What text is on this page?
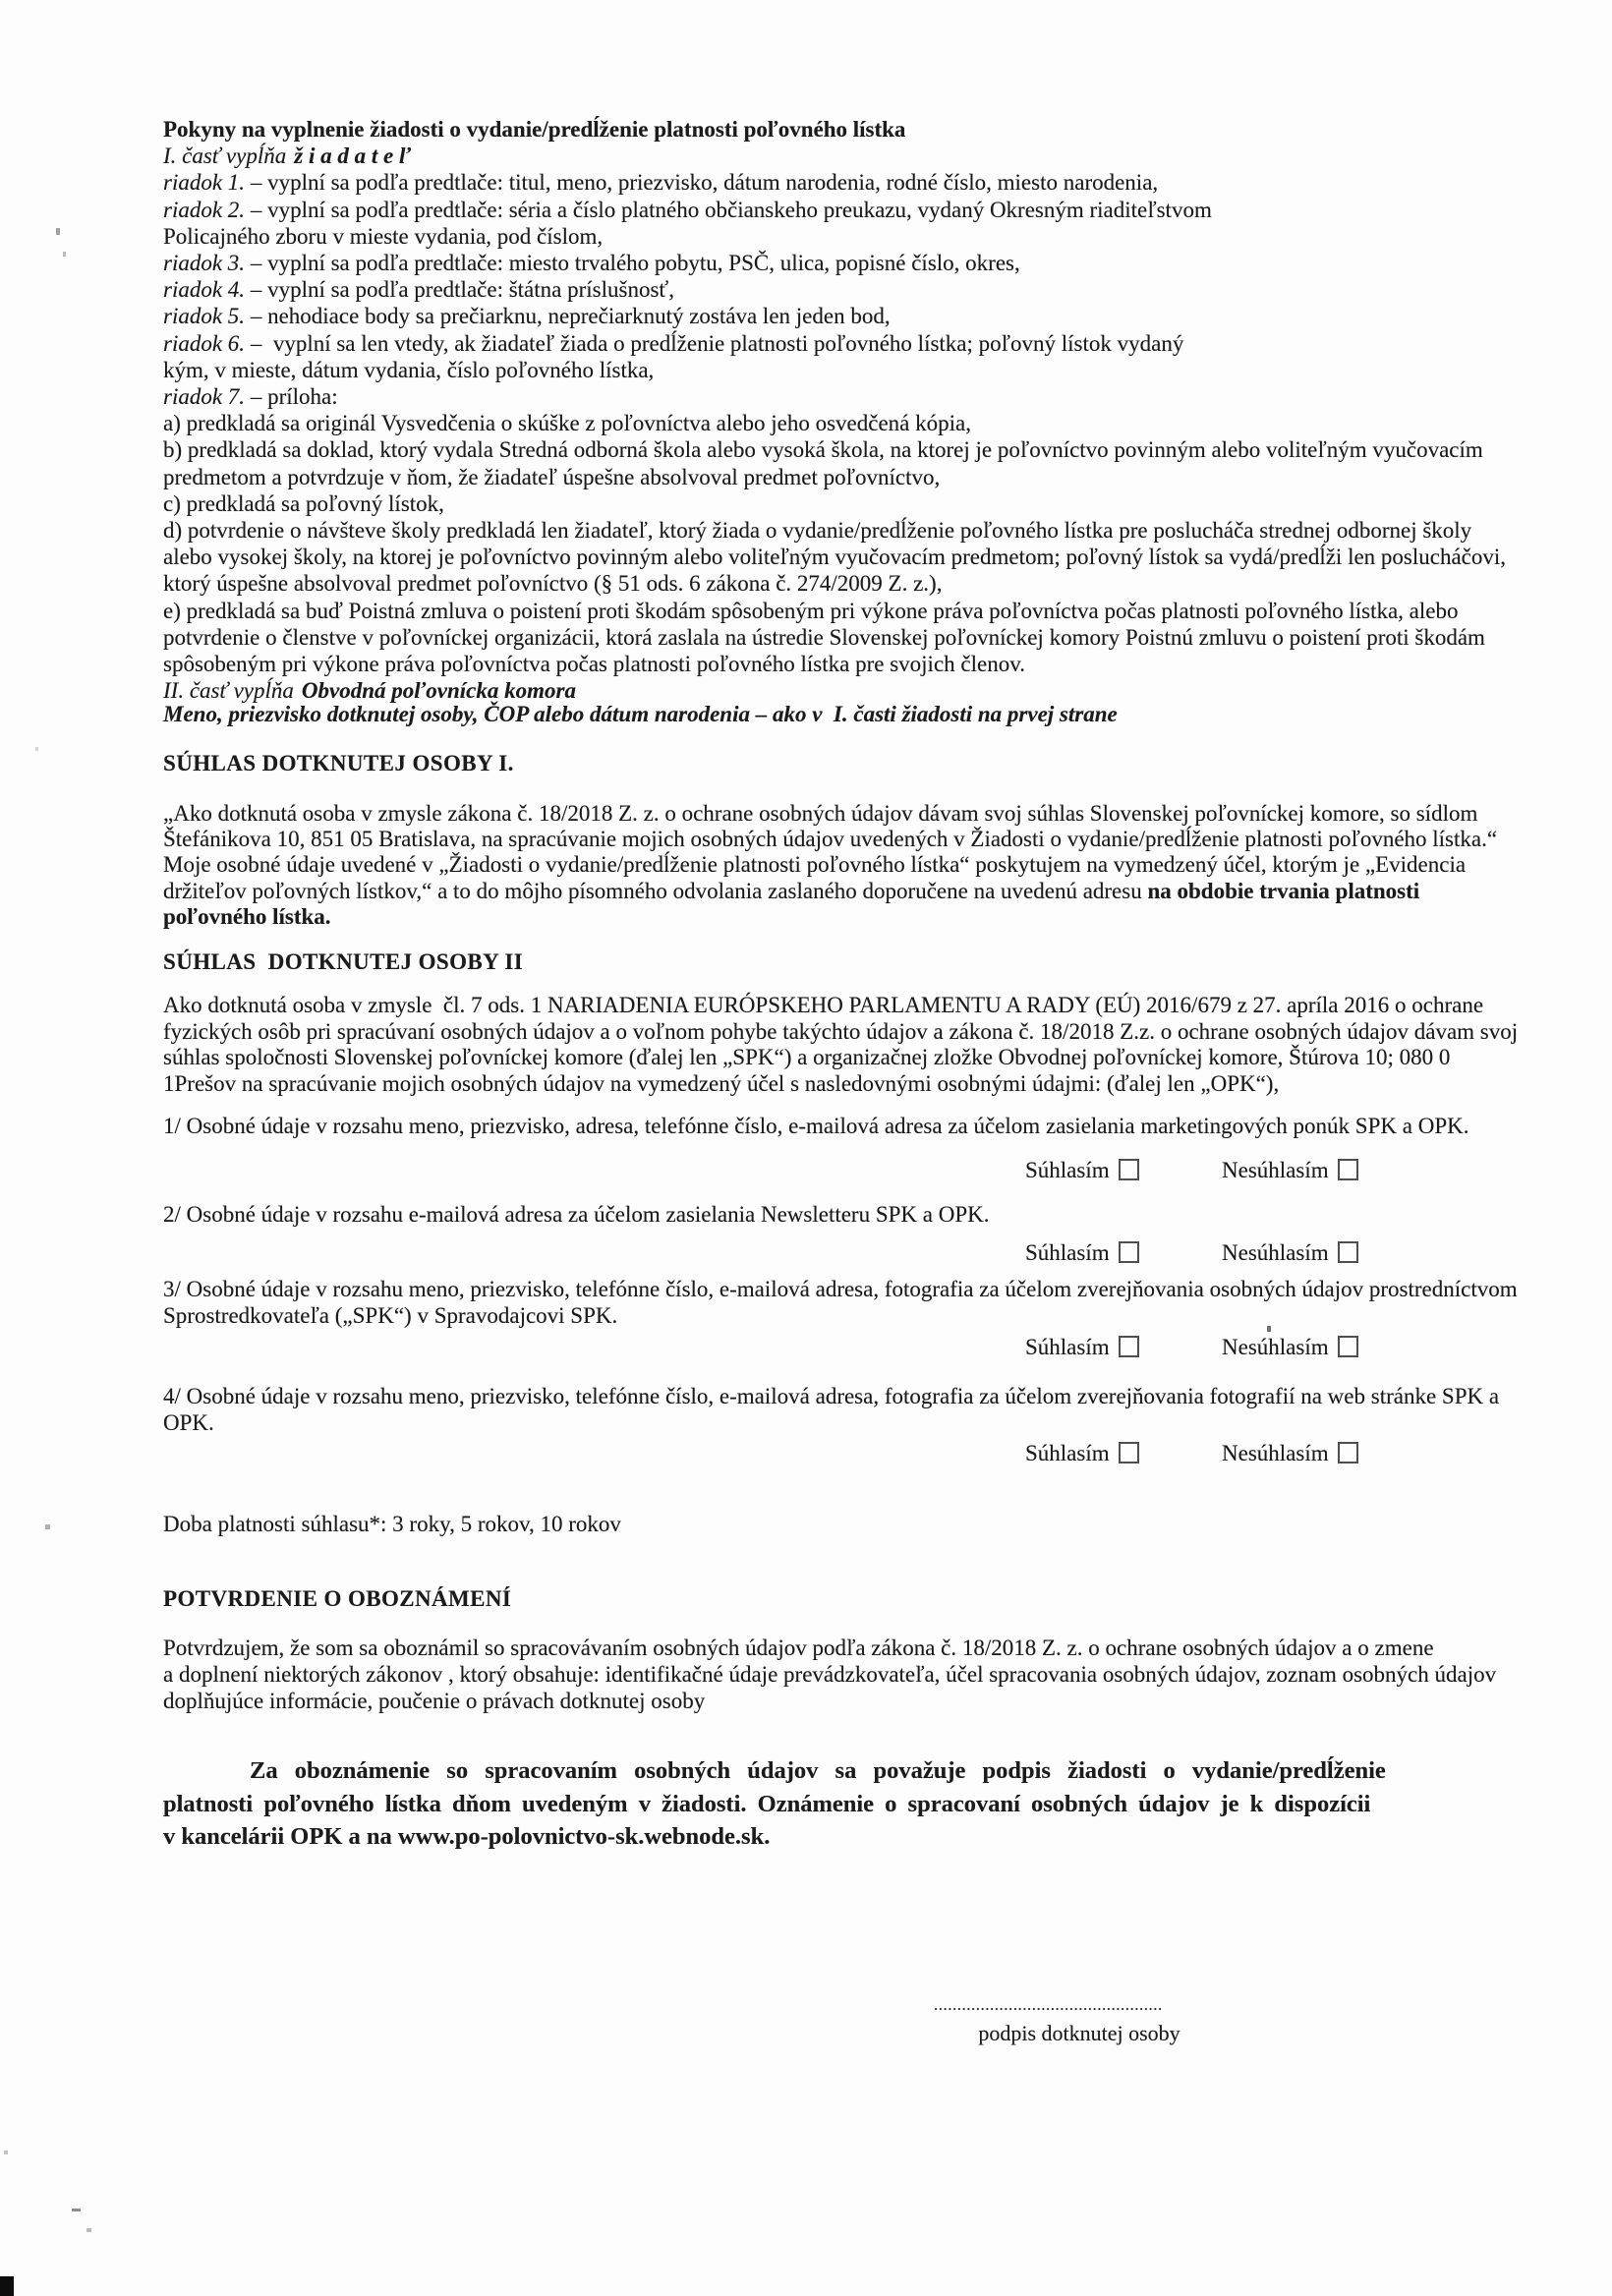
Pokyny na vyplnenie žiadosti o vydanie/predĺženie platnosti poľovného lístka
I. časť vypĺňa ž i a d a t e ľ
riadok 1. – vyplní sa podľa predtlače: titul, meno, priezvisko, dátum narodenia, rodné číslo, miesto narodenia,
riadok 2. – vyplní sa podľa predtlače: séria a číslo platného občianskeho preukazu, vydaný Okresným riaditeľstvom
Policajného zboru v mieste vydania, pod číslom,
riadok 3. – vyplní sa podľa predtlače: miesto trvalého pobytu, PSČ, ulica, popisné číslo, okres,
riadok 4. – vyplní sa podľa predtlače: štátna príslušnosť,
riadok 5. – nehodiace body sa prečiarknu, neprečiarknutý zostáva len jeden bod,
riadok 6. –  vyplní sa len vtedy, ak žiadateľ žiada o predĺženie platnosti poľovného lístka; poľovný lístok vydaný
kým, v mieste, dátum vydania, číslo poľovného lístka,
riadok 7. – príloha:
a) predkladá sa originál Vysvedčenia o skúške z poľovníctva alebo jeho osvedčená kópia,
b) predkladá sa doklad, ktorý vydala Stredná odborná škola alebo vysoká škola, na ktorej je poľovníctvo povinným alebo voliteľným vyučovacím
predmetom a potvrdzuje v ňom, že žiadateľ úspešne absolvoval predmet poľovníctvo,
c) predkladá sa poľovný lístok,
d) potvrdenie o návšteve školy predkladá len žiadateľ, ktorý žiada o vydanie/predĺženie poľovného lístka pre poslucháča strednej odbornej školy
alebo vysokej školy, na ktorej je poľovníctvo povinným alebo voliteľným vyučovacím predmetom; poľovný lístok sa vydá/predĺži len poslucháčovi,
ktorý úspešne absolvoval predmet poľovníctvo (§ 51 ods. 6 zákona č. 274/2009 Z. z.),
e) predkladá sa buď Poistná zmluva o poistení proti škodám spôsobeným pri výkone práva poľovníctva počas platnosti poľovného lístka, alebo
potvrdenie o členstve v poľovníckej organizácii, ktorá zaslala na ústredie Slovenskej poľovníckej komory Poistnú zmluvu o poistení proti škodám
spôsobeným pri výkone práva poľovníctva počas platnosti poľovného lístka pre svojich členov.
II. časť vypĺňa Obvodná poľovnícka komora
Meno, priezvisko dotknutej osoby, ČOP alebo dátum narodenia – ako v  I. časti žiadosti na prvej strane
SÚHLAS DOTKNUTEJ OSOBY I.
„Ako dotknutá osoba v zmysle zákona č. 18/2018 Z. z. o ochrane osobných údajov dávam svoj súhlas Slovenskej poľovníckej komore, so sídlom
Štefánikova 10, 851 05 Bratislava, na spracúvanie mojich osobných údajov uvedených v Žiadosti o vydanie/predĺženie platnosti poľovného lístka.“
Moje osobné údaje uvedené v „Žiadosti o vydanie/predĺženie platnosti poľovného lístka“ poskytujem na vymedzený účel, ktorým je „Evidencia
držiteľov poľovných lístkov,“ a to do môjho písomného odvolania zaslaného doporučene na uvedenú adresu na obdobie trvania platnosti
poľovného lístka.
SÚHLAS  DOTKNUTEJ OSOBY II
Ako dotknutá osoba v zmysle  čl. 7 ods. 1 NARIADENIA EURÓPSKEHO PARLAMENTU A RADY (EÚ) 2016/679 z 27. apríla 2016 o ochrane
fyzických osôb pri spracúvaní osobných údajov a o voľnom pohybe takýchto údajov a zákona č. 18/2018 Z.z. o ochrane osobných údajov dávam svoj
súhlas spoločnosti Slovenskej poľovníckej komore (ďalej len „SPK“) a organizačnej zložke Obvodnej poľovníckej komore, Štúrova 10; 080 0
1Prešov na spracúvanie mojich osobných údajov na vymedzený účel s nasledovnými osobnými údajmi: (ďalej len „OPK“),
1/ Osobné údaje v rozsahu meno, priezvisko, adresa, telefónne číslo, e-mailová adresa za účelom zasielania marketingových ponúk SPK a OPK.
Súhlasím	Nesúhlasím
2/ Osobné údaje v rozsahu e-mailová adresa za účelom zasielania Newsletteru SPK a OPK.
Súhlasím	Nesúhlasím
3/ Osobné údaje v rozsahu meno, priezvisko, telefónne číslo, e-mailová adresa, fotografia za účelom zverejňovania osobných údajov prostredníctvom
Sprostredkovateľa („SPK“) v Spravodajcovi SPK.
Súhlasím	Nesúhlasím
4/ Osobné údaje v rozsahu meno, priezvisko, telefónne číslo, e-mailová adresa, fotografia za účelom zverejňovania fotografií na web stránke SPK a
OPK.
Súhlasím	Nesúhlasím
Doba platnosti súhlasu*: 3 roky, 5 rokov, 10 rokov
POTVRDENIE O OBOZNÁMENÍ
Potvrdzujem, že som sa oboznámil so spracovávaním osobných údajov podľa zákona č. 18/2018 Z. z. o ochrane osobných údajov a o zmene
a doplnení niektorých zákonov , ktorý obsahuje: identifikačné údaje prevádzkovateľa, účel spracovania osobných údajov, zoznam osobných údajov
doplňujúce informácie, poučenie o právach dotknutej osoby
Za oboznámenie so spracovaním osobných údajov sa považuje podpis žiadosti o vydanie/predĺženie
platnosti poľovného lístka dňom uvedeným v žiadosti. Oznámenie o spracovaní osobných údajov je k dispozícii
v kancelárii OPK a na www.po-polovnictvo-sk.webnode.sk.
.................................................
podpis dotknutej osoby
